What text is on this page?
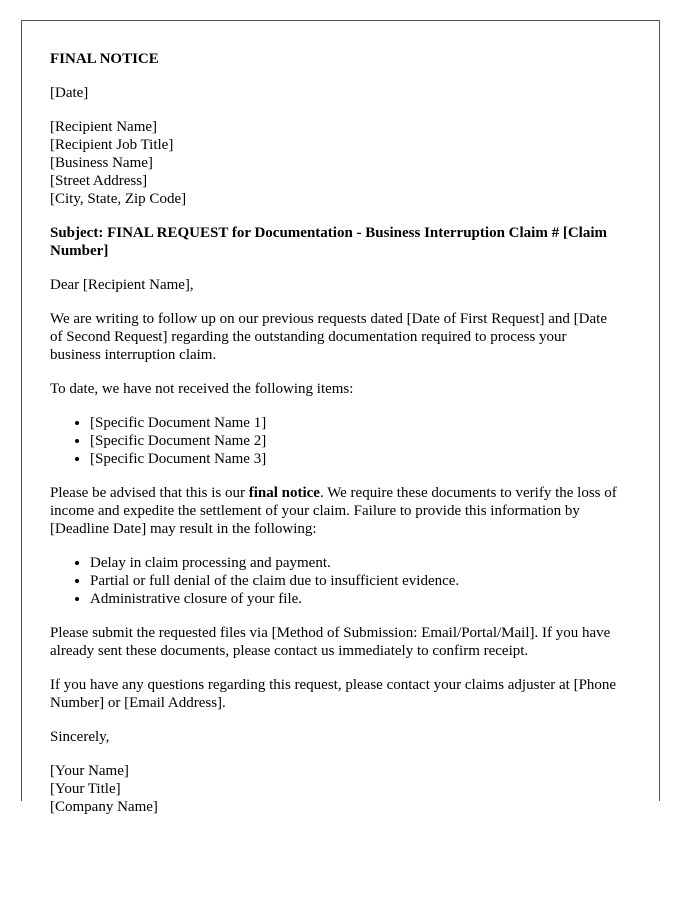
FINAL NOTICE

[Date]

[Recipient Name]
[Recipient Job Title]
[Business Name]
[Street Address]
[City, State, Zip Code]

Subject: FINAL REQUEST for Documentation - Business Interruption Claim # [Claim Number]

Dear [Recipient Name],

We are writing to follow up on our previous requests dated [Date of First Request] and [Date of Second Request] regarding the outstanding documentation required to process your business interruption claim.

To date, we have not received the following items:

• [Specific Document Name 1]
• [Specific Document Name 2]
• [Specific Document Name 3]

Please be advised that this is our final notice. We require these documents to verify the loss of income and expedite the settlement of your claim. Failure to provide this information by [Deadline Date] may result in the following:

• Delay in claim processing and payment.
• Partial or full denial of the claim due to insufficient evidence.
• Administrative closure of your file.

Please submit the requested files via [Method of Submission: Email/Portal/Mail]. If you have already sent these documents, please contact us immediately to confirm receipt.

If you have any questions regarding this request, please contact your claims adjuster at [Phone Number] or [Email Address].

Sincerely,

[Your Name]
[Your Title]
[Company Name]
